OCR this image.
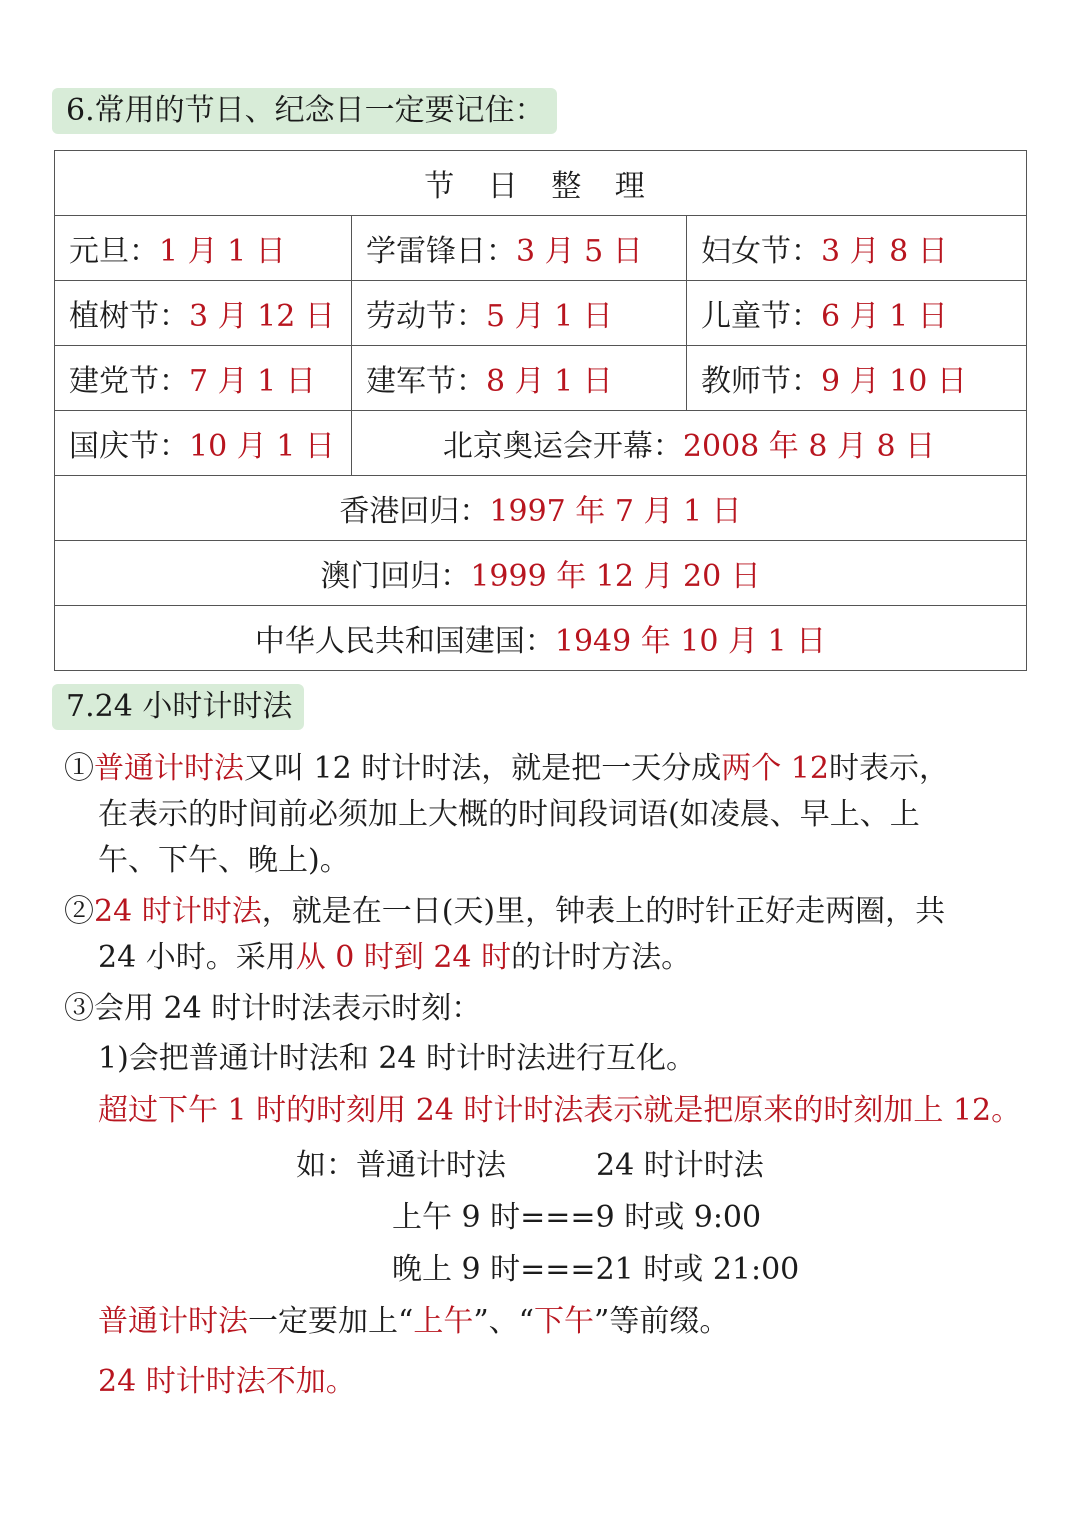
6.常用的节日、纪念日一定要记住：
节 日 整 理		
元旦：1 月 1 日	学雷锋日：3 月 5 日	妇女节：3 月 8 日
植树节：3 月 12 日	劳动节：5 月 1 日	儿童节：6 月 1 日
建党节：7 月 1 日	建军节：8 月 1 日	教师节：9 月 10 日
国庆节：10 月 1 日	北京奥运会开幕：2008 年 8 月 8 日	
香港回归：1997 年 7 月 1 日		
澳门回归：1999 年 12 月 20 日		
中华人民共和国建国：1949 年 10 月 1 日		
7.24 小时计时法
①普通计时法又叫 12 时计时法，就是把一天分成两个 12时表示，
在表示的时间前必须加上大概的时间段词语(如凌晨、早上、上
午、下午、晚上)。
②24 时计时法，就是在一日(天)里，钟表上的时针正好走两圈，共
24 小时。采用从 0 时到 24 时的计时方法。
③会用 24 时计时法表示时刻：
1)会把普通计时法和 24 时计时法进行互化。
超过下午 1 时的时刻用 24 时计时法表示就是把原来的时刻加上 12。
如：普通计时法	24 时计时法
上午 9 时===9 时或 9:00
晚上 9 时===21 时或 21:00
普通计时法一定要加上“上午”、“下午”等前缀。
24 时计时法不加。
